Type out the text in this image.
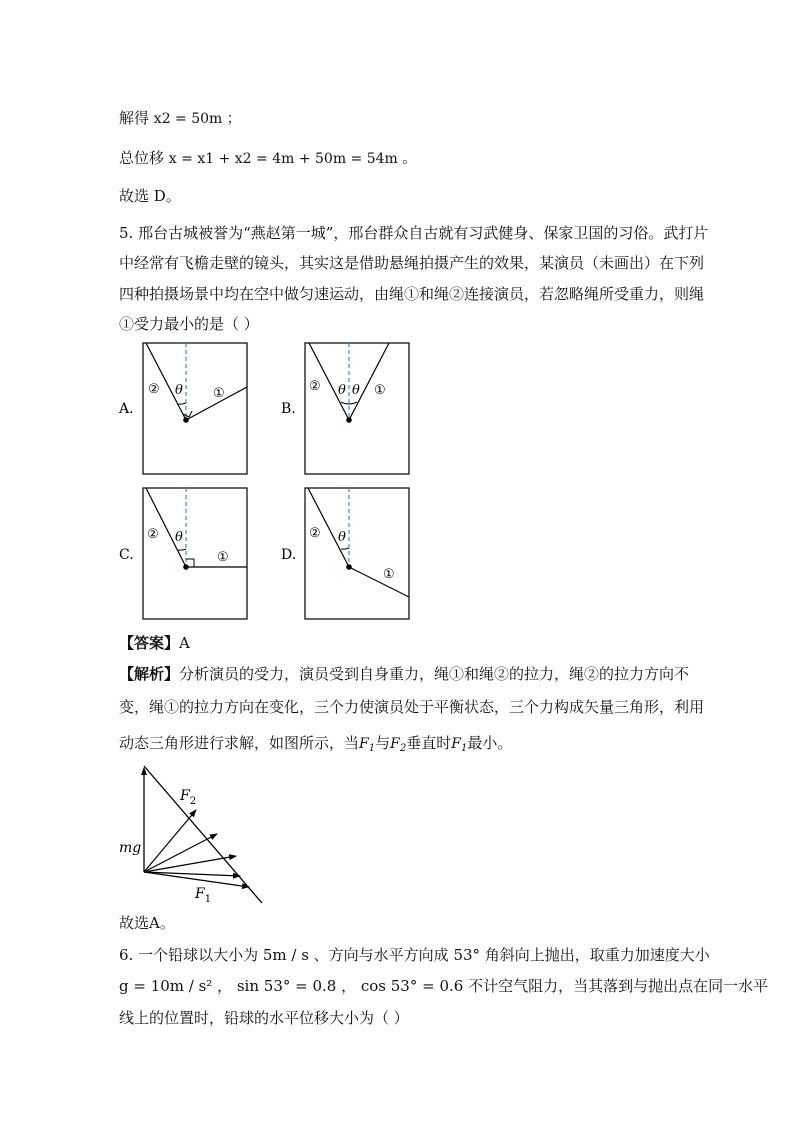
解得 x2 = 50m ；
总位移 x = x1 + x2 = 4m + 50m = 54m 。
故选 D。
5. 邢台古城被誉为“燕赵第一城”，邢台群众自古就有习武健身、保家卫国的习俗。武打片
中经常有飞檐走壁的镜头，其实这是借助悬绳拍摄产生的效果，某演员（未画出）在下列
四种拍摄场景中均在空中做匀速运动，由绳①和绳②连接演员，若忽略绳所受重力，则绳
①受力最小的是（ ）
A.	B.
C.	D.
② θ ①	② θ θ ①
② θ
①
② θ
①
【答案】A
【解析】分析演员的受力，演员受到自身重力，绳①和绳②的拉力，绳②的拉力方向不
变，绳①的拉力方向在变化，三个力使演员处于平衡状态，三个力构成矢量三角形，利用
动态三角形进行求解，如图所示，当$F_1$与$F_2$垂直时$F_1$最小。
mg
$F_2$
$F_1$
故选A。
6. 一个铅球以大小为 5m / s 、方向与水平方向成 53° 角斜向上抛出，取重力加速度大小
g = 10m / s² ， sin 53° = 0.8 ， cos 53° = 0.6 不计空气阻力，当其落到与抛出点在同一水平
线上的位置时，铅球的水平位移大小为（ ）
